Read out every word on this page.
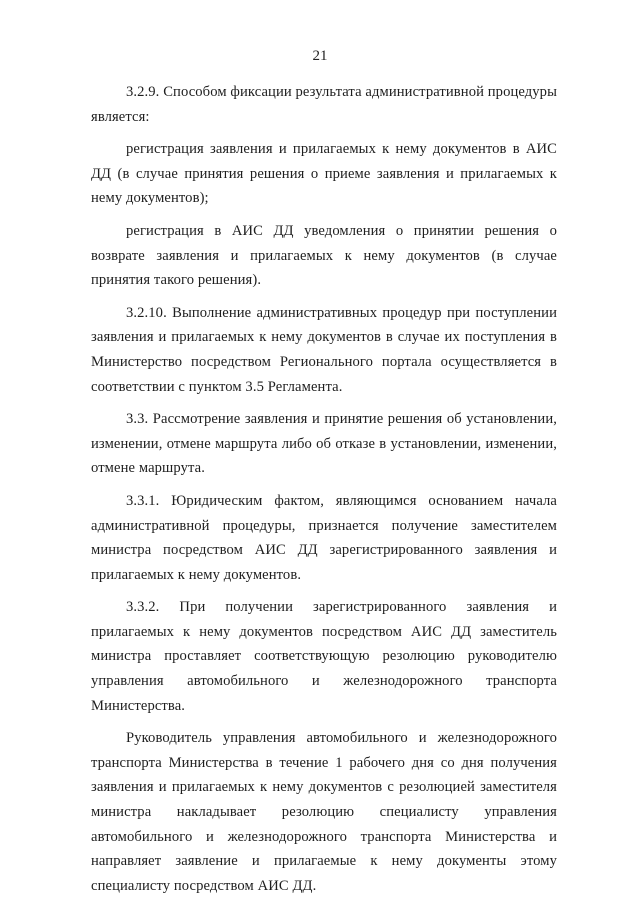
21

3.2.9. Способом фиксации результата административной процедуры является:

регистрация заявления и прилагаемых к нему документов в АИС ДД (в случае принятия решения о приеме заявления и прилагаемых к нему документов);

регистрация в АИС ДД уведомления о принятии решения о возврате заявления и прилагаемых к нему документов (в случае принятия такого решения).

3.2.10. Выполнение административных процедур при поступлении заявления и прилагаемых к нему документов в случае их поступления в Министерство посредством Регионального портала осуществляется в соответствии с пунктом 3.5 Регламента.

3.3. Рассмотрение заявления и принятие решения об установлении, изменении, отмене маршрута либо об отказе в установлении, изменении, отмене маршрута.

3.3.1. Юридическим фактом, являющимся основанием начала административной процедуры, признается получение заместителем министра посредством АИС ДД зарегистрированного заявления и прилагаемых к нему документов.

3.3.2. При получении зарегистрированного заявления и прилагаемых к нему документов посредством АИС ДД заместитель министра проставляет соответствующую резолюцию руководителю управления автомобильного и железнодорожного транспорта Министерства.

Руководитель управления автомобильного и железнодорожного транспорта Министерства в течение 1 рабочего дня со дня получения заявления и прилагаемых к нему документов с резолюцией заместителя министра накладывает резолюцию специалисту управления автомобильного и железнодорожного транспорта Министерства и направляет заявление и прилагаемые к нему документы этому специалисту посредством АИС ДД.
